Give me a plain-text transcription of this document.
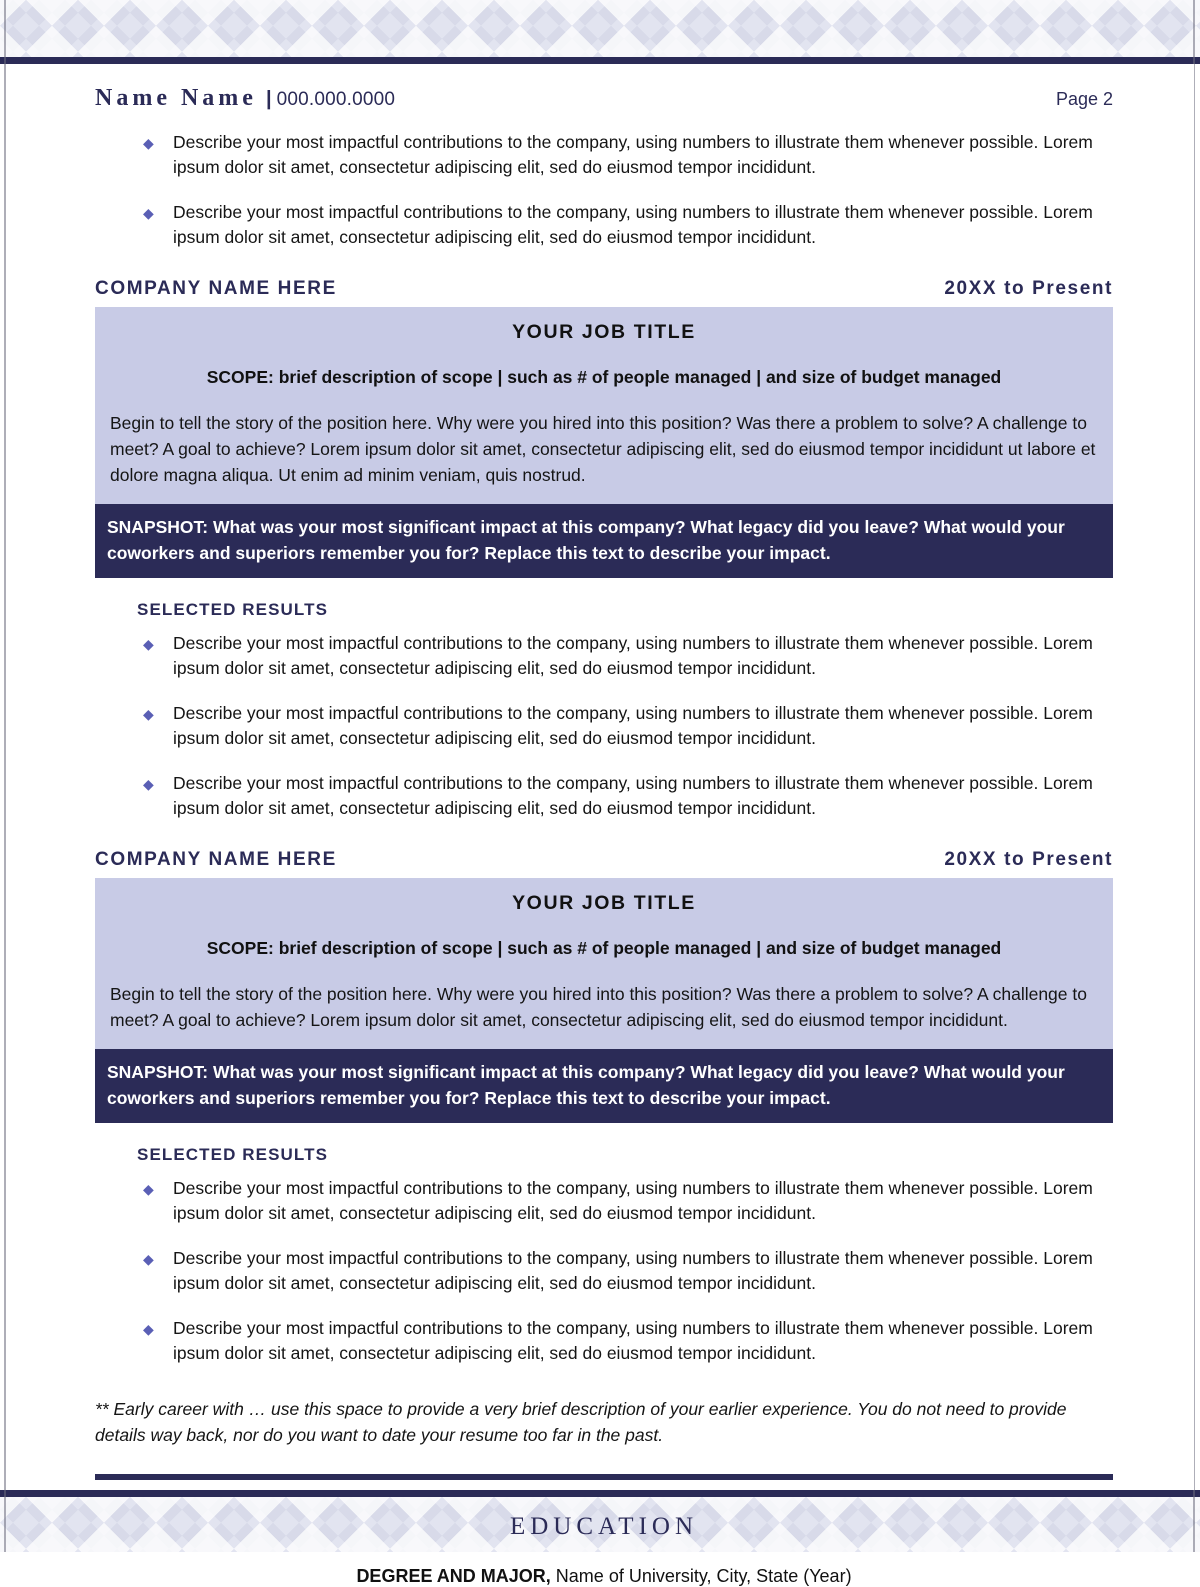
Name Name | 000.000.0000	Page 2
◆ Describe your most impactful contributions to the company, using numbers to illustrate them whenever possible. Lorem ipsum dolor sit amet, consectetur adipiscing elit, sed do eiusmod tempor incididunt.
◆ Describe your most impactful contributions to the company, using numbers to illustrate them whenever possible. Lorem ipsum dolor sit amet, consectetur adipiscing elit, sed do eiusmod tempor incididunt.
COMPANY NAME HERE	20XX to Present
YOUR JOB TITLE
SCOPE: brief description of scope | such as # of people managed | and size of budget managed
Begin to tell the story of the position here. Why were you hired into this position? Was there a problem to solve? A challenge to meet? A goal to achieve? Lorem ipsum dolor sit amet, consectetur adipiscing elit, sed do eiusmod tempor incididunt ut labore et dolore magna aliqua. Ut enim ad minim veniam, quis nostrud.
SNAPSHOT: What was your most significant impact at this company? What legacy did you leave? What would your coworkers and superiors remember you for? Replace this text to describe your impact.
SELECTED RESULTS
◆ Describe your most impactful contributions to the company, using numbers to illustrate them whenever possible. Lorem ipsum dolor sit amet, consectetur adipiscing elit, sed do eiusmod tempor incididunt.
◆ Describe your most impactful contributions to the company, using numbers to illustrate them whenever possible. Lorem ipsum dolor sit amet, consectetur adipiscing elit, sed do eiusmod tempor incididunt.
◆ Describe your most impactful contributions to the company, using numbers to illustrate them whenever possible. Lorem ipsum dolor sit amet, consectetur adipiscing elit, sed do eiusmod tempor incididunt.
COMPANY NAME HERE	20XX to Present
YOUR JOB TITLE
SCOPE: brief description of scope | such as # of people managed | and size of budget managed
Begin to tell the story of the position here. Why were you hired into this position? Was there a problem to solve? A challenge to meet? A goal to achieve? Lorem ipsum dolor sit amet, consectetur adipiscing elit, sed do eiusmod tempor incididunt.
SNAPSHOT: What was your most significant impact at this company? What legacy did you leave? What would your coworkers and superiors remember you for? Replace this text to describe your impact.
SELECTED RESULTS
◆ Describe your most impactful contributions to the company, using numbers to illustrate them whenever possible. Lorem ipsum dolor sit amet, consectetur adipiscing elit, sed do eiusmod tempor incididunt.
◆ Describe your most impactful contributions to the company, using numbers to illustrate them whenever possible. Lorem ipsum dolor sit amet, consectetur adipiscing elit, sed do eiusmod tempor incididunt.
◆ Describe your most impactful contributions to the company, using numbers to illustrate them whenever possible. Lorem ipsum dolor sit amet, consectetur adipiscing elit, sed do eiusmod tempor incididunt.
** Early career with … use this space to provide a very brief description of your earlier experience. You do not need to provide details way back, nor do you want to date your resume too far in the past.
EDUCATION
DEGREE AND MAJOR, Name of University, City, State (Year)
